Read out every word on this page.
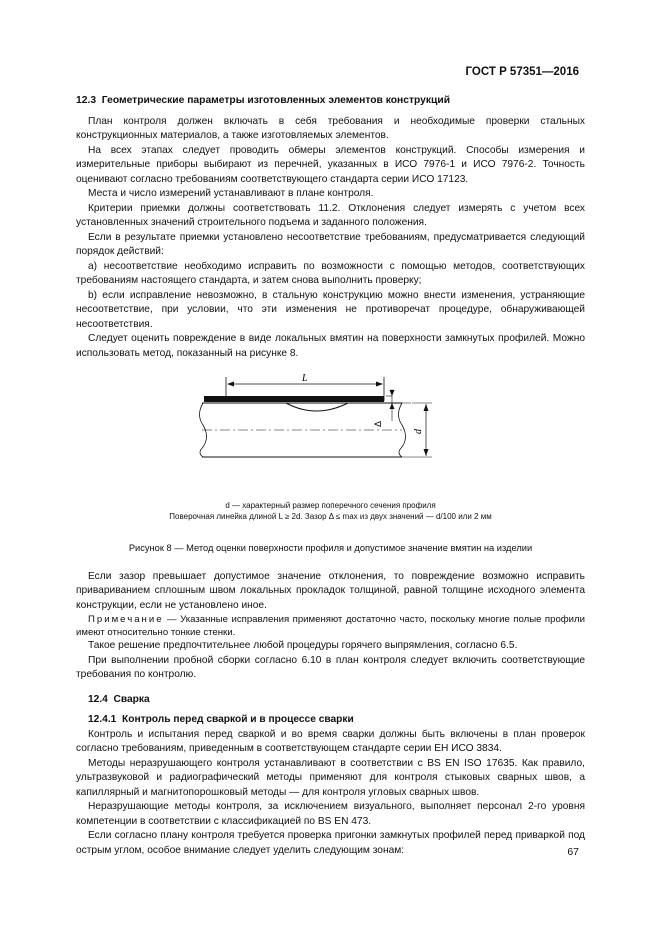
ГОСТ Р 57351—2016
12.3 Геометрические параметры изготовленных элементов конструкций

План контроля должен включать в себя требования и необходимые проверки стальных конструкционных материалов, а также изготовляемых элементов.

На всех этапах следует проводить обмеры элементов конструкций. Способы измерения и измерительные приборы выбирают из перечней, указанных в ИСО 7976-1 и ИСО 7976-2. Точность оценивают согласно требованиям соответствующего стандарта серии ИСО 17123.

Места и число измерений устанавливают в плане контроля.

Критерии приемки должны соответствовать 11.2. Отклонения следует измерять с учетом всех установленных значений строительного подъема и заданного положения.

Если в результате приемки установлено несоответствие требованиям, предусматривается следующий порядок действий:

a) несоответствие необходимо исправить по возможности с помощью методов, соответствующих требованиям настоящего стандарта, и затем снова выполнить проверку;

b) если исправление невозможно, в стальную конструкцию можно внести изменения, устраняющие несоответствие, при условии, что эти изменения не противоречат процедуре, обнаруживающей несоответствия.

Следует оценить повреждение в виде локальных вмятин на поверхности замкнутых профилей. Можно использовать метод, показанный на рисунке 8.

L
Δ
d
d — характерный размер поперечного сечения профиля
Поверочная линейка длиной L ≥ 2d. Зазор Δ ≤ max из двух значений — d/100 или 2 мм
Рисунок 8 — Метод оценки поверхности профиля и допустимое значение вмятин на изделии

Если зазор превышает допустимое значение отклонения, то повреждение возможно исправить привариванием сплошным швом локальных прокладок толщиной, равной толщине исходного элемента конструкции, если не установлено иное.

Примечание — Указанные исправления применяют достаточно часто, поскольку многие полые профили имеют относительно тонкие стенки.

Такое решение предпочтительнее любой процедуры горячего выпрямления, согласно 6.5.

При выполнении пробной сборки согласно 6.10 в план контроля следует включить соответствующие требования по контролю.

12.4 Сварка
12.4.1 Контроль перед сваркой и в процессе сварки

Контроль и испытания перед сваркой и во время сварки должны быть включены в план проверок согласно требованиям, приведенным в соответствующем стандарте серии ЕН ИСО 3834.

Методы неразрушающего контроля устанавливают в соответствии с BS EN ISO 17635. Как правило, ультразвуковой и радиографический методы применяют для контроля стыковых сварных швов, а капиллярный и магнитопорошковый методы — для контроля угловых сварных швов.

Неразрушающие методы контроля, за исключением визуального, выполняет персонал 2-го уровня компетенции в соответствии с классификацией по BS EN 473.

Если согласно плану контроля требуется проверка пригонки замкнутых профилей перед приваркой под острым углом, особое внимание следует уделить следующим зонам:	67
